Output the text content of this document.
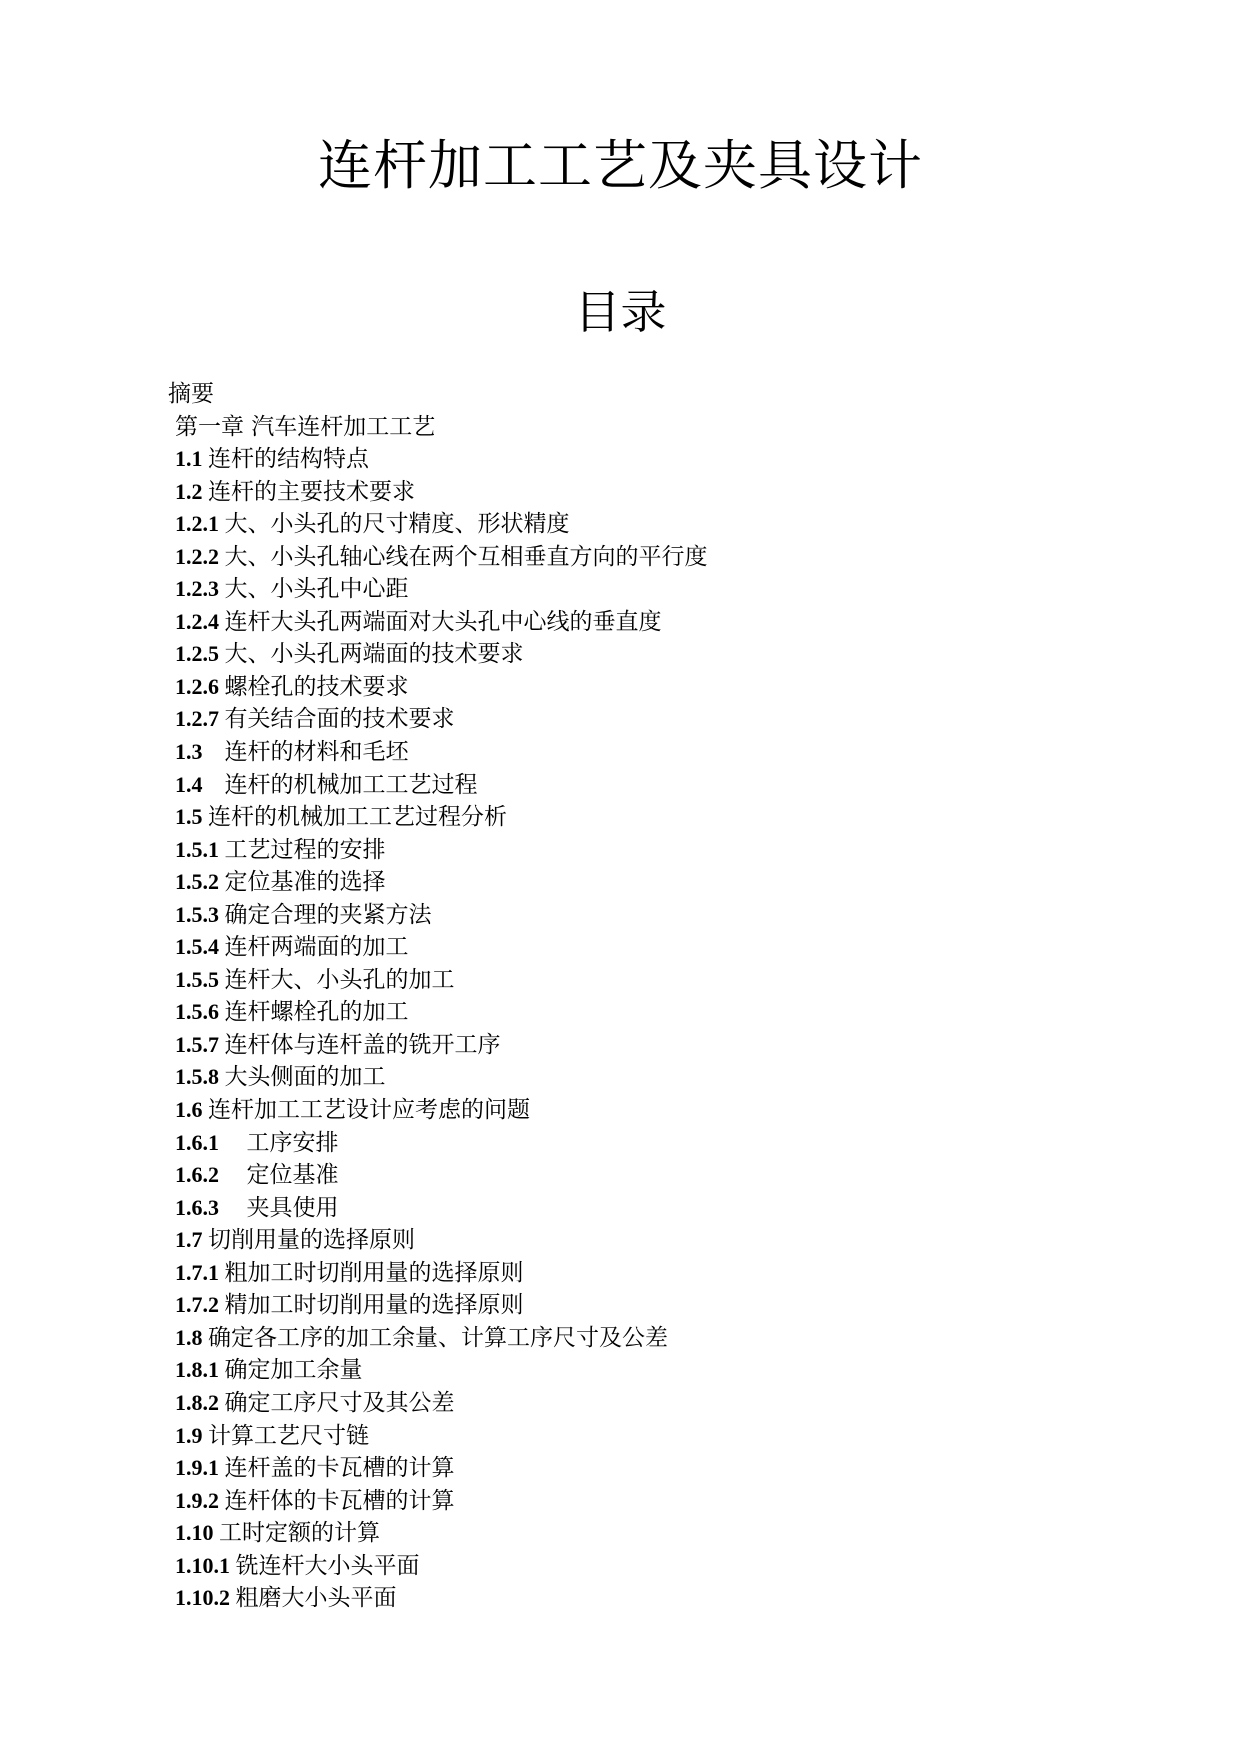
连杆加工工艺及夹具设计
目录
摘要
第一章 汽车连杆加工工艺
1.1 连杆的结构特点
1.2 连杆的主要技术要求
1.2.1 大、小头孔的尺寸精度、形状精度
1.2.2 大、小头孔轴心线在两个互相垂直方向的平行度
1.2.3 大、小头孔中心距
1.2.4 连杆大头孔两端面对大头孔中心线的垂直度
1.2.5 大、小头孔两端面的技术要求
1.2.6 螺栓孔的技术要求
1.2.7 有关结合面的技术要求
1.3    连杆的材料和毛坯
1.4    连杆的机械加工工艺过程
1.5 连杆的机械加工工艺过程分析
1.5.1 工艺过程的安排
1.5.2 定位基准的选择
1.5.3 确定合理的夹紧方法
1.5.4 连杆两端面的加工
1.5.5 连杆大、小头孔的加工
1.5.6 连杆螺栓孔的加工
1.5.7 连杆体与连杆盖的铣开工序
1.5.8 大头侧面的加工
1.6 连杆加工工艺设计应考虑的问题
1.6.1     工序安排
1.6.2     定位基准
1.6.3     夹具使用
1.7 切削用量的选择原则
1.7.1 粗加工时切削用量的选择原则
1.7.2 精加工时切削用量的选择原则
1.8 确定各工序的加工余量、计算工序尺寸及公差
1.8.1 确定加工余量
1.8.2 确定工序尺寸及其公差
1.9 计算工艺尺寸链
1.9.1 连杆盖的卡瓦槽的计算
1.9.2 连杆体的卡瓦槽的计算
1.10 工时定额的计算
1.10.1 铣连杆大小头平面
1.10.2 粗磨大小头平面
